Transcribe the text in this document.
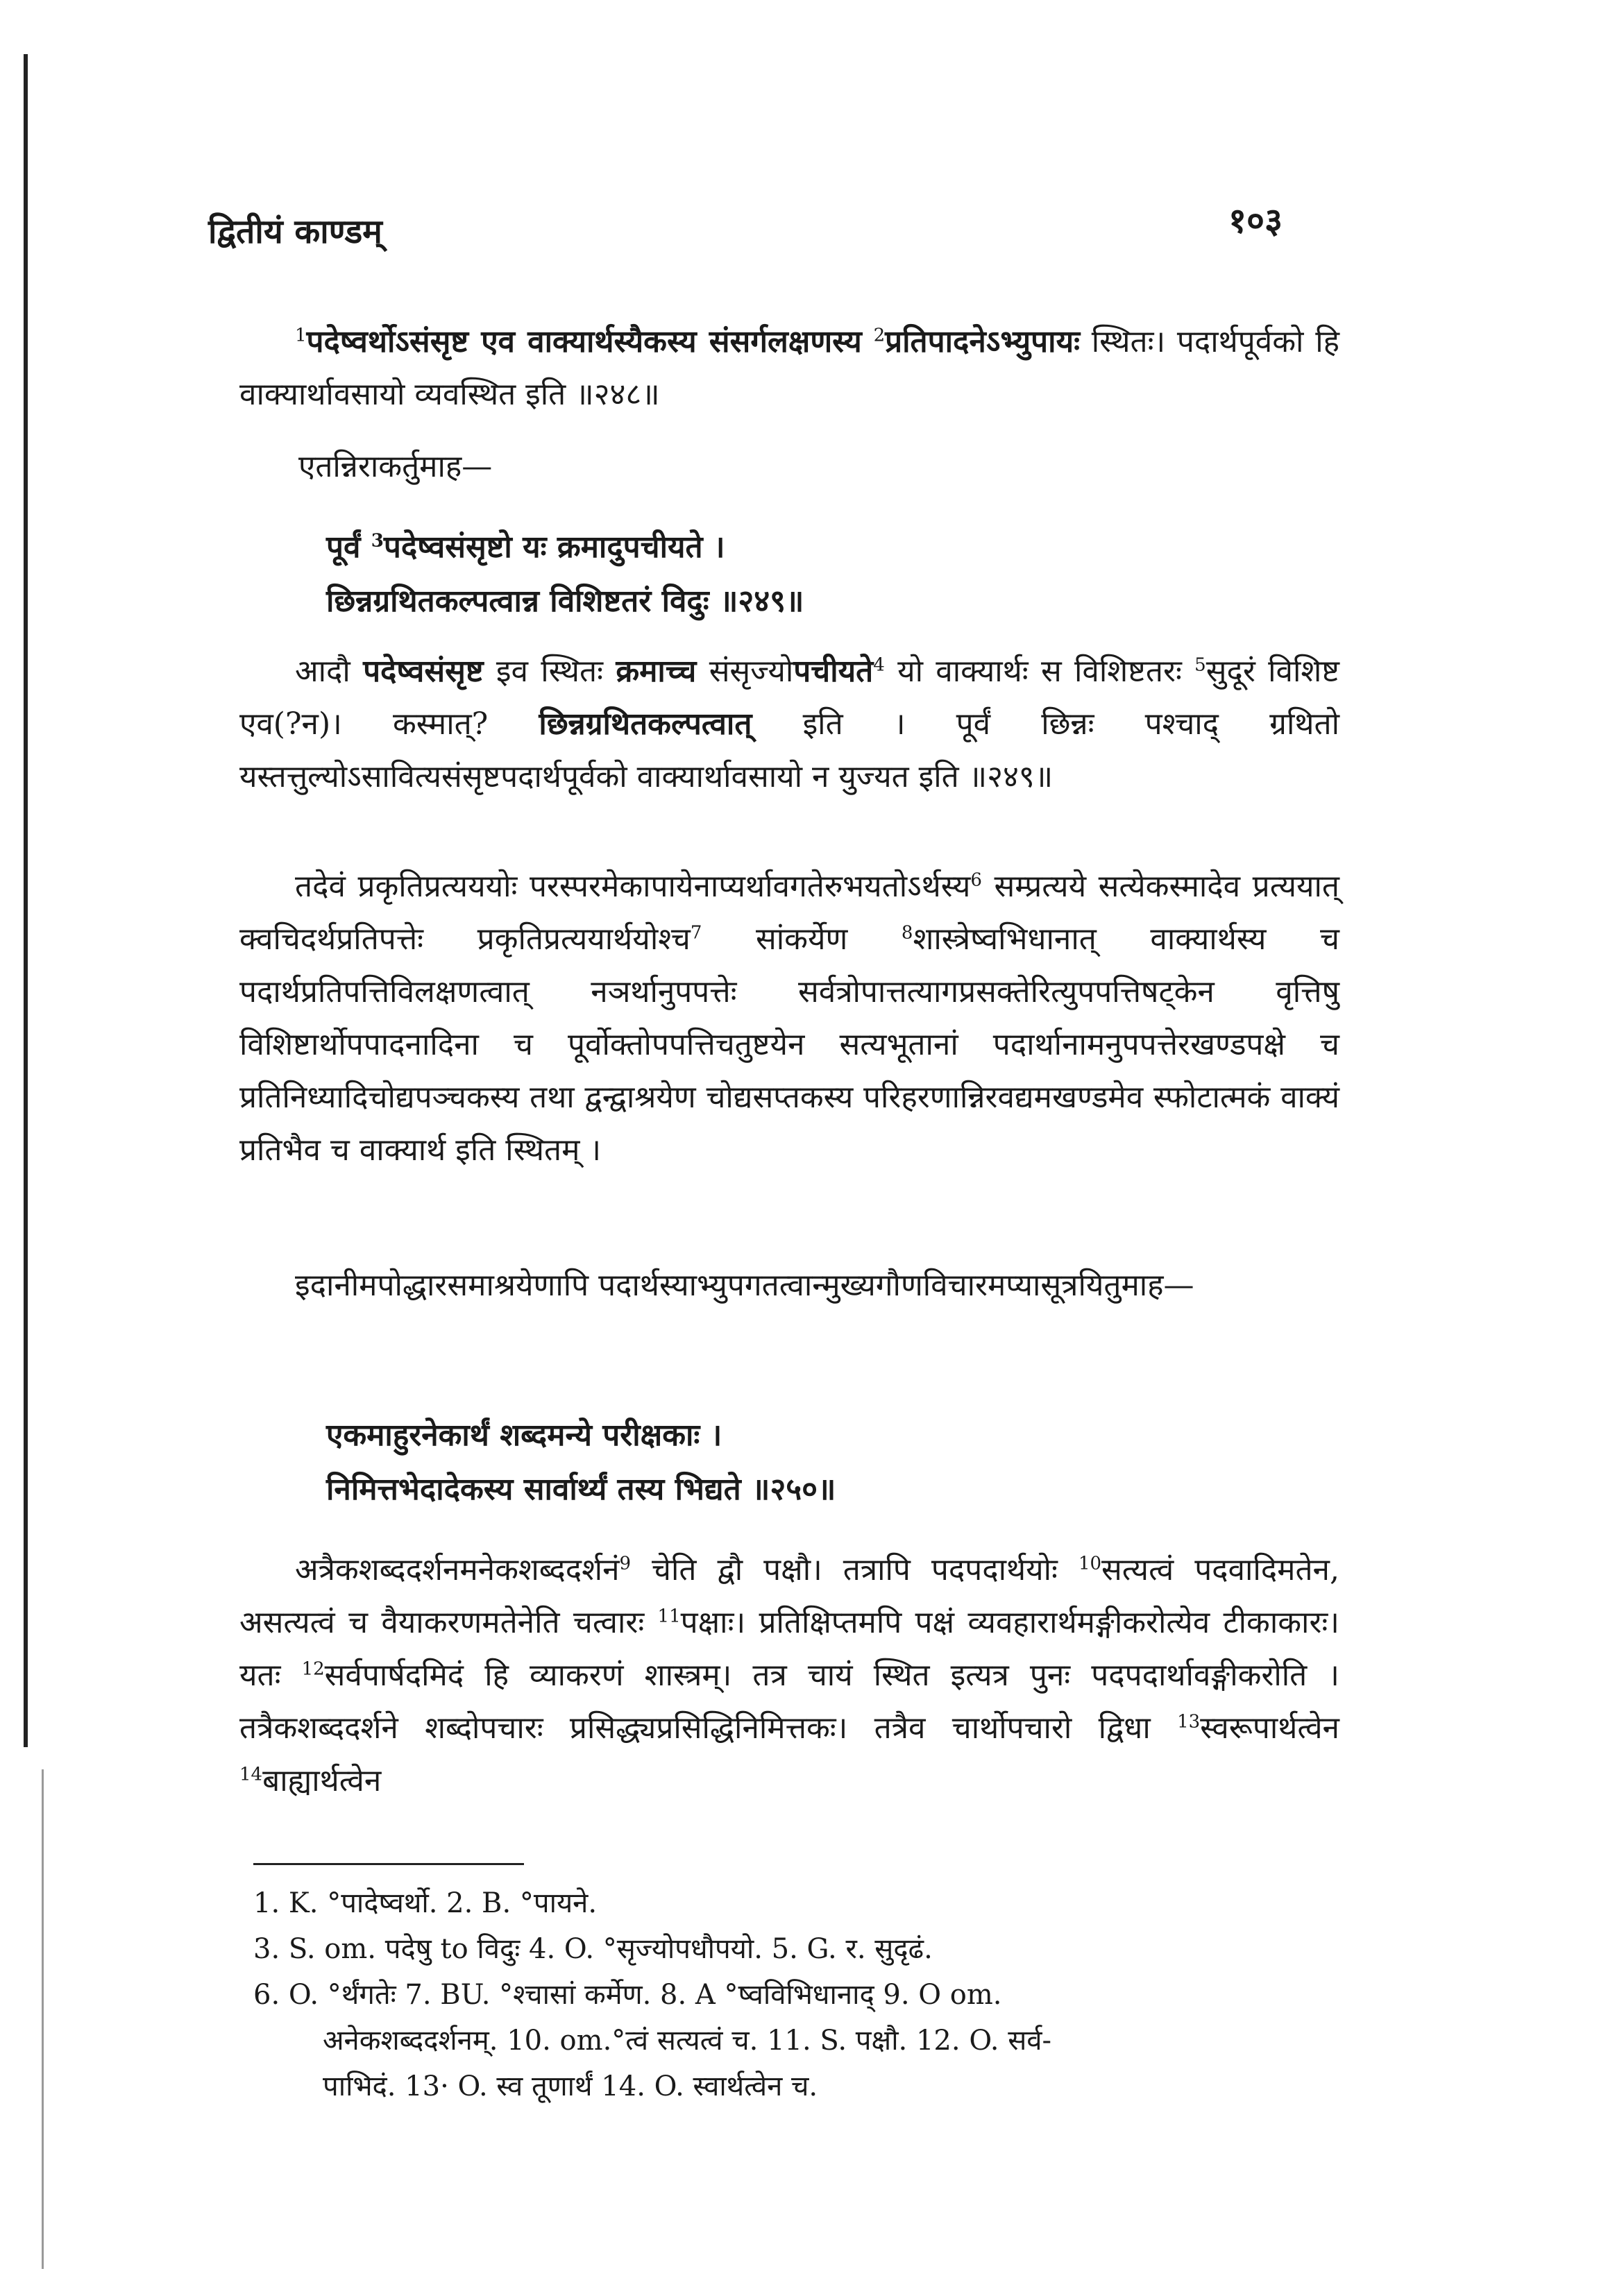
द्वितीयं काण्डम्	१०३

$^1$पदेष्वर्थोऽसंसृष्ट एव वाक्यार्थस्यैकस्य संसर्गलक्षणस्य $^2$प्रतिपादनेऽभ्युपायः स्थितः। पदार्थपूर्वको हि वाक्यार्थावसायो व्यवस्थित इति ॥२४८॥

एतन्निराकर्तुमाह—
पूर्वं $^3$पदेष्वसंसृष्टो यः क्रमादुपचीयते ।
छिन्नग्रथितकल्पत्वान्न विशिष्टतरं विदुः ॥२४९॥

आदौ पदेष्वसंसृष्ट इव स्थितः क्रमाच्च संसृज्योपचीयते$^4$ यो वाक्यार्थः स विशिष्टतरः $^5$सुदूरं विशिष्ट एव(?न)। कस्मात्? छिन्नग्रथितकल्पत्वात् इति । पूर्वं छिन्नः पश्चाद् ग्रथितो यस्तत्तुल्योऽसावित्यसंसृष्टपदार्थपूर्वको वाक्यार्थावसायो न युज्यत इति ॥२४९॥

तदेवं प्रकृतिप्रत्यययोः परस्परमेकापायेनाप्यर्थावगतेरुभयतोऽर्थस्य$^6$ सम्प्रत्यये सत्येकस्मादेव प्रत्ययात् क्वचिदर्थप्रतिपत्तेः प्रकृतिप्रत्ययार्थयोश्च$^7$ सांकर्येण	$^8$शास्त्रेष्वभिधानात् वाक्यार्थस्य च पदार्थप्रतिपत्तिविलक्षणत्वात् नञर्थानुपपत्तेः सर्वत्रोपात्तत्यागप्रसक्तेरित्युपपत्तिषट्केन वृत्तिषु विशिष्टार्थोपपादनादिना च पूर्वोक्तोपपत्तिचतुष्टयेन सत्यभूतानां पदार्थानामनुपपत्तेरखण्डपक्षे च प्रतिनिध्यादिचोद्यपञ्चकस्य तथा द्वन्द्वाश्रयेण चोद्यसप्तकस्य परिहरणान्निरवद्यमखण्डमेव स्फोटात्मकं वाक्यं प्रतिभैव च वाक्यार्थ इति स्थितम् ।

इदानीमपोद्धारसमाश्रयेणापि पदार्थस्याभ्युपगतत्वान्मुख्यगौणविचारमप्यासूत्रयितुमाह—

एकमाहुरनेकार्थं शब्दमन्ये परीक्षकाः ।
निमित्तभेदादेकस्य सार्वार्थ्यं तस्य भिद्यते ॥२५०॥

अत्रैकशब्ददर्शनमनेकशब्ददर्शनं$^9$ चेति द्वौ पक्षौ। तत्रापि पदपदार्थयोः $^{10}$सत्यत्वं पदवादिमतेन, असत्यत्वं च वैयाकरणमतेनेति चत्वारः $^{11}$पक्षाः। प्रतिक्षिप्तमपि पक्षं व्यवहारार्थमङ्गीकरोत्येव टीकाकारः। यतः $^{12}$सर्वपार्षदमिदं हि व्याकरणं शास्त्रम्। तत्र चायं स्थित इत्यत्र पुनः पदपदार्थावङ्गीकरोति । तत्रैकशब्ददर्शने शब्दोपचारः प्रसिद्ध्यप्रसिद्धिनिमित्तकः। तत्रैव चार्थोपचारो द्विधा $^{13}$स्वरूपार्थत्वेन $^{14}$बाह्यार्थत्वेन

1. K. °पादेष्वर्थो. 2. B. °पायने.
3. S. om. पदेषु to विदुः 4. O. °सृज्योपधौपयो. 5. G. र. सुदृढं.
6. O. °र्थंगतेः 7. BU. °श्चासां कर्मेण. 8. A °ष्वविभिधानाद् 9. O om.
अनेकशब्ददर्शनम्. 10. om.°त्वं सत्यत्वं च. 11. S. पक्षौ. 12. O. सर्व-
पाभिदं. 13· O. स्व तूणार्थं 14. O. स्वार्थत्वेन च.
